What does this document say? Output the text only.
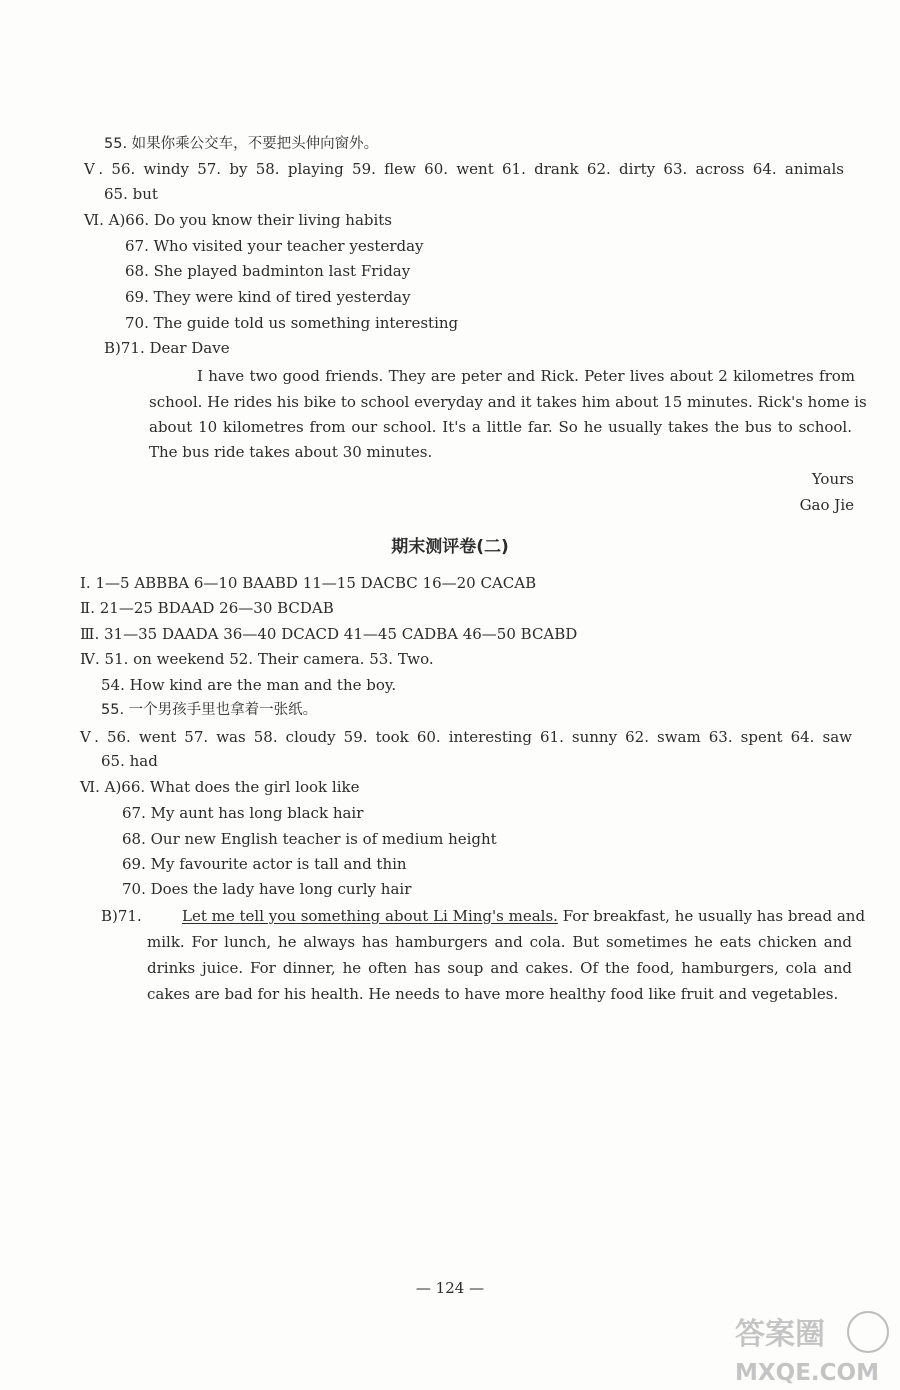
55. 如果你乘公交车，不要把头伸向窗外。
Ⅴ. 56. windy 57. by 58. playing 59. flew 60. went 61. drank 62. dirty 63. across 64. animals
65. but
Ⅵ. A)66. Do you know their living habits
67. Who visited your teacher yesterday
68. She played badminton last Friday
69. They were kind of tired yesterday
70. The guide told us something interesting
B)71. Dear Dave
I have two good friends. They are peter and Rick. Peter lives about 2 kilometres from
school. He rides his bike to school everyday and it takes him about 15 minutes. Rick's home is
about 10 kilometres from our school. It's a little far. So he usually takes the bus to school.
The bus ride takes about 30 minutes.
Yours
Gao Jie
期末测评卷(二)
Ⅰ. 1—5 ABBBA 6—10 BAABD 11—15 DACBC 16—20 CACAB
Ⅱ. 21—25 BDAAD 26—30 BCDAB
Ⅲ. 31—35 DAADA 36—40 DCACD 41—45 CADBA 46—50 BCABD
Ⅳ. 51. on weekend 52. Their camera. 53. Two.
54. How kind are the man and the boy.
55. 一个男孩手里也拿着一张纸。
Ⅴ. 56. went 57. was 58. cloudy 59. took 60. interesting 61. sunny 62. swam 63. spent 64. saw
65. had
Ⅵ. A)66. What does the girl look like
67. My aunt has long black hair
68. Our new English teacher is of medium height
69. My favourite actor is tall and thin
70. Does the lady have long curly hair
B)71.	Let me tell you something about Li Ming's meals. For breakfast, he usually has bread and
milk. For lunch, he always has hamburgers and cola. But sometimes he eats chicken and
drinks juice. For dinner, he often has soup and cakes. Of the food, hamburgers, cola and
cakes are bad for his health. He needs to have more healthy food like fruit and vegetables.
— 124 —
答案圈
MXQE.COM
